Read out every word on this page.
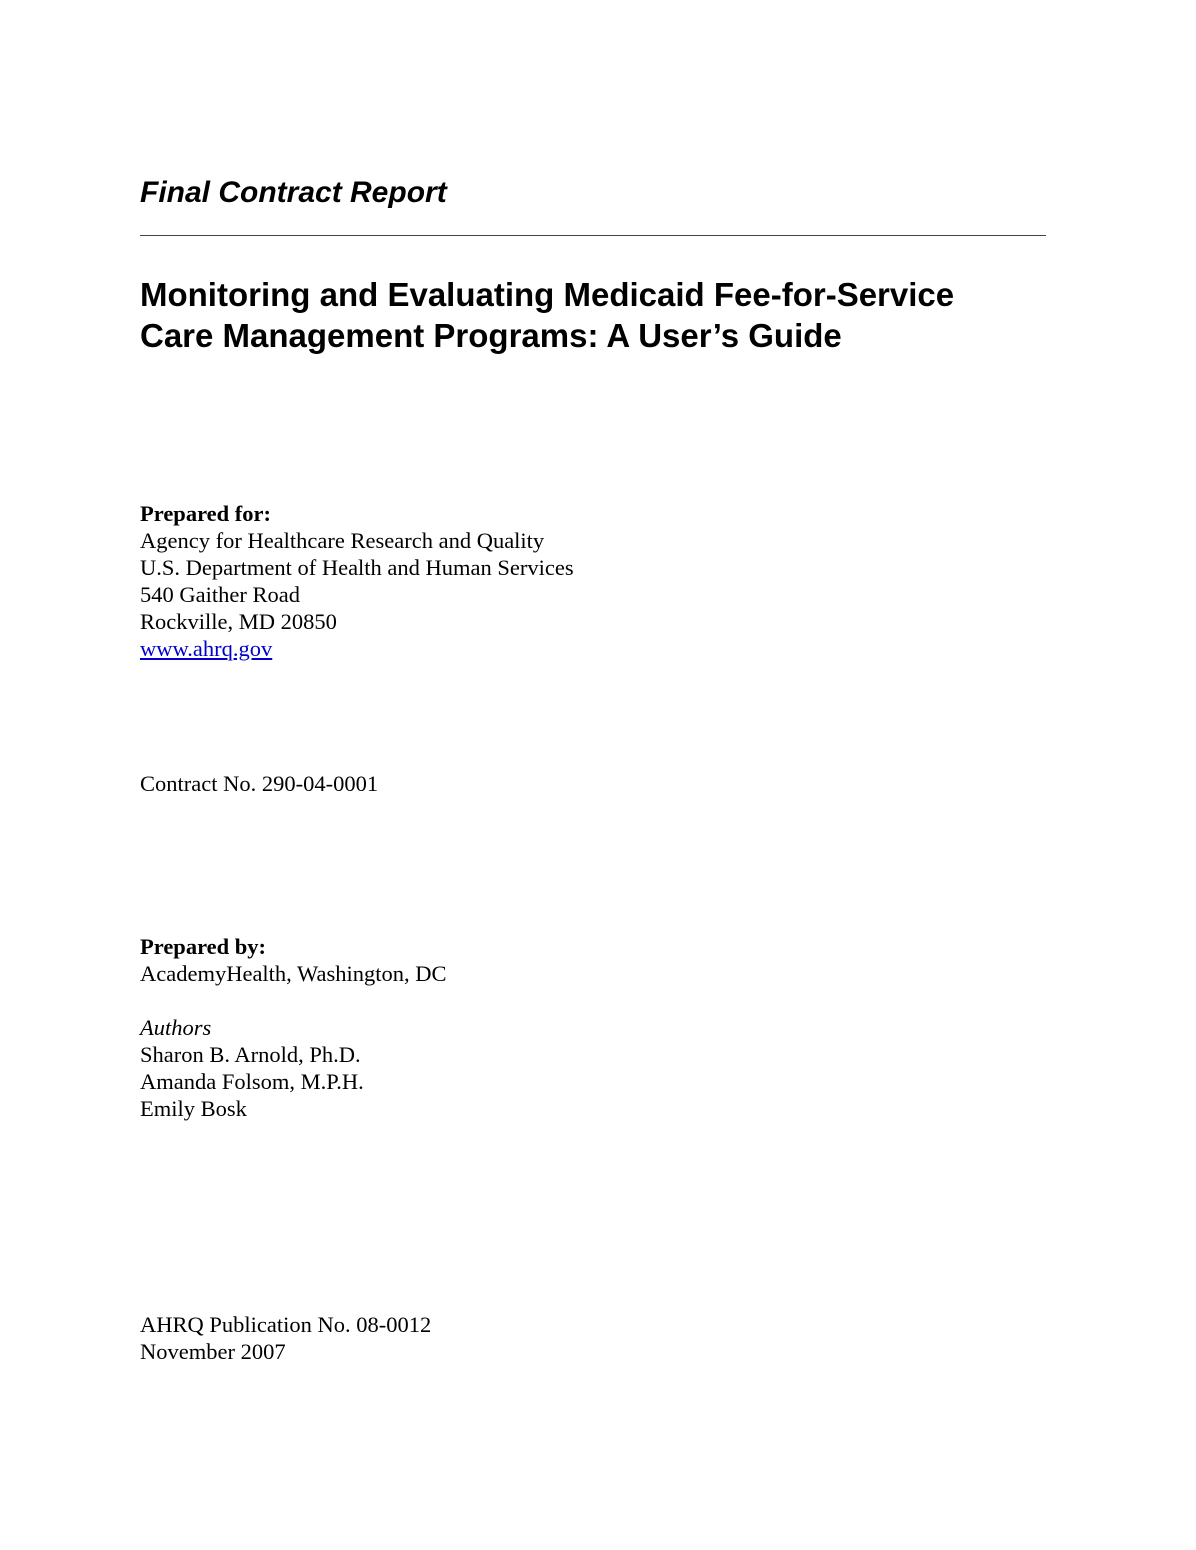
Final Contract Report
Monitoring and Evaluating Medicaid Fee-for-Service
Care Management Programs: A User’s Guide
Prepared for:
Agency for Healthcare Research and Quality
U.S. Department of Health and Human Services
540 Gaither Road
Rockville, MD 20850
www.ahrq.gov
Contract No. 290-04-0001
Prepared by:
AcademyHealth, Washington, DC
Authors
Sharon B. Arnold, Ph.D.
Amanda Folsom, M.P.H.
Emily Bosk
AHRQ Publication No. 08-0012
November 2007
